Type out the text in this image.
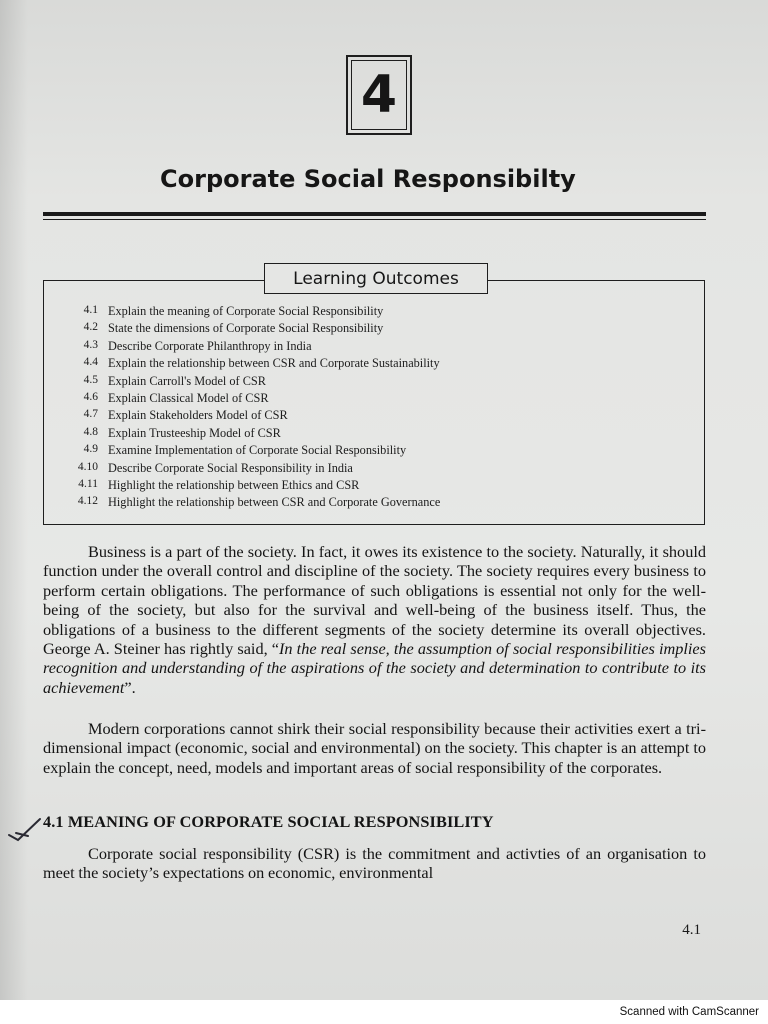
4
Corporate Social Responsibilty
Learning Outcomes
4.1 Explain the meaning of Corporate Social Responsibility
4.2 State the dimensions of Corporate Social Responsibility
4.3 Describe Corporate Philanthropy in India
4.4 Explain the relationship between CSR and Corporate Sustainability
4.5 Explain Carroll's Model of CSR
4.6 Explain Classical Model of CSR
4.7 Explain Stakeholders Model of CSR
4.8 Explain Trusteeship Model of CSR
4.9 Examine Implementation of Corporate Social Responsibility
4.10 Describe Corporate Social Responsibility in India
4.11 Highlight the relationship between Ethics and CSR
4.12 Highlight the relationship between CSR and Corporate Governance

Business is a part of the society. In fact, it owes its existence to the society. Naturally, it should function under the overall control and discipline of the society. The society requires every business to perform certain obligations. The performance of such obligations is essential not only for the well-being of the society, but also for the survival and well-being of the business itself. Thus, the obligations of a business to the different segments of the society determine its overall objectives. George A. Steiner has rightly said, “In the real sense, the assumption of social responsibilities implies recognition and understanding of the aspirations of the society and determination to contribute to its achievement”.

Modern corporations cannot shirk their social responsibility because their activities exert a tri-dimensional impact (economic, social and environmental) on the society. This chapter is an attempt to explain the concept, need, models and important areas of social responsibility of the corporates.

4.1 MEANING OF CORPORATE SOCIAL RESPONSIBILITY

Corporate social responsibility (CSR) is the commitment and activties of an organisation to meet the society’s expectations on economic, environmental

4.1
Scanned with CamScanner
